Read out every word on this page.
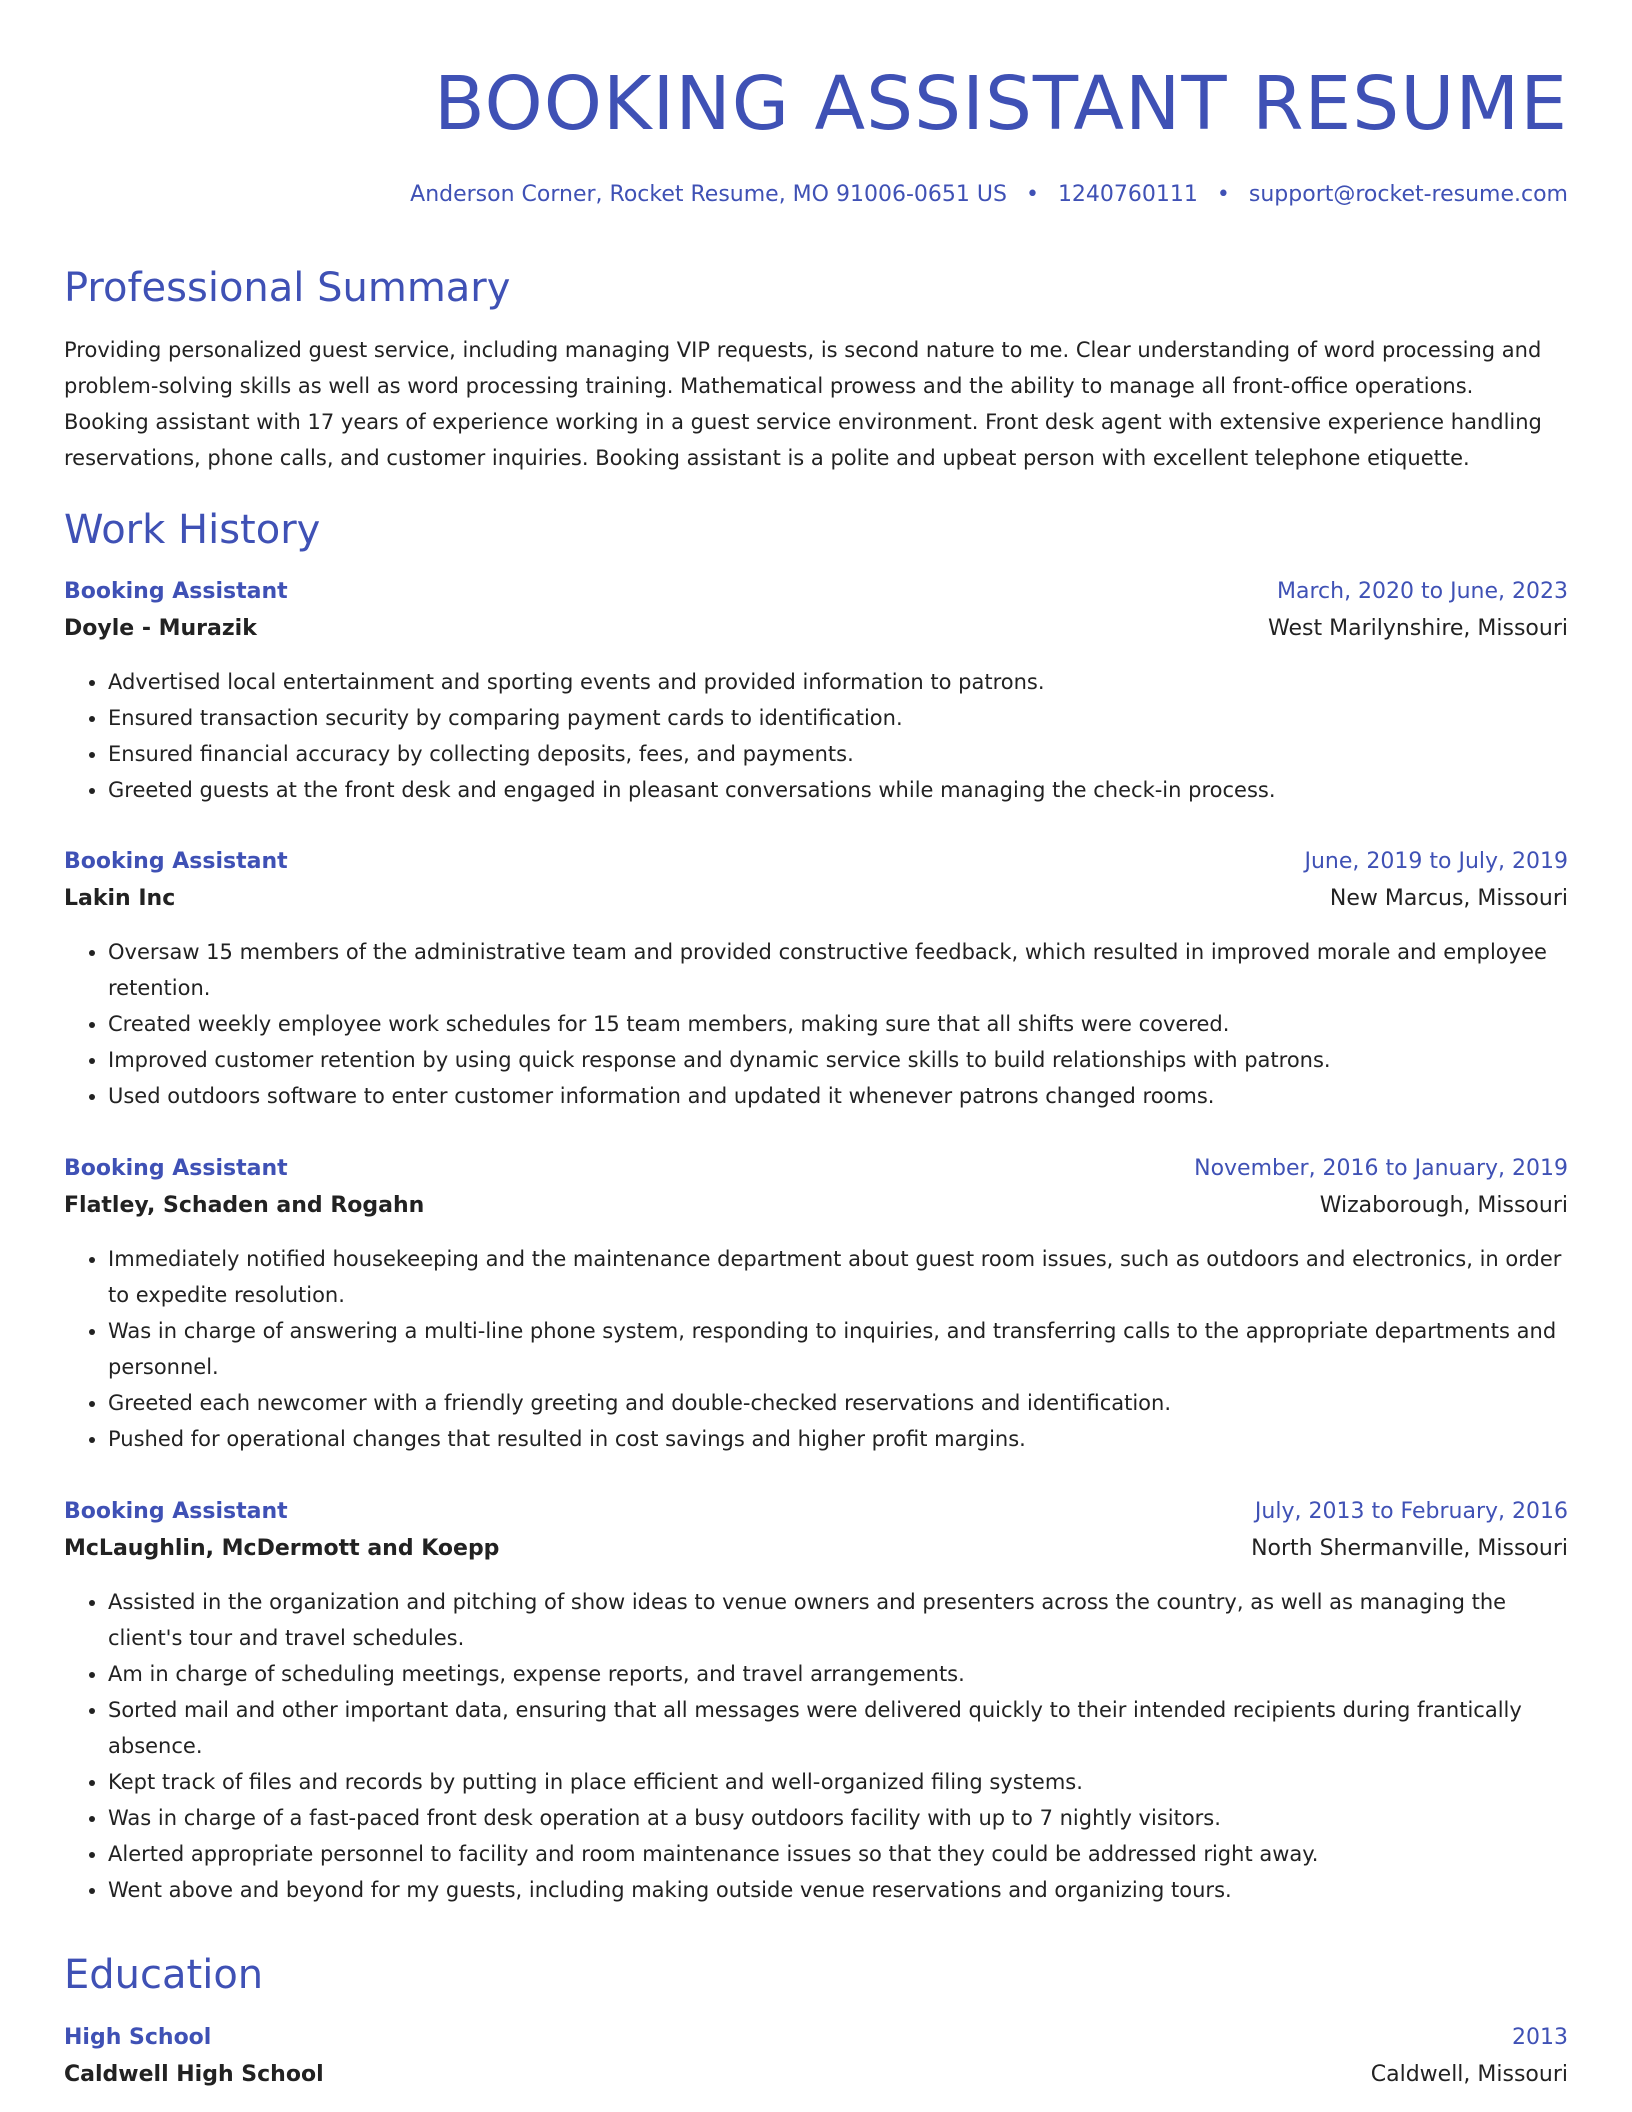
BOOKING ASSISTANT RESUME
Anderson Corner, Rocket Resume, MO 91006-0651 US • 1240760111 • support@rocket-resume.com
Professional Summary
Providing personalized guest service, including managing VIP requests, is second nature to me. Clear understanding of word processing and problem-solving skills as well as word processing training. Mathematical prowess and the ability to manage all front-office operations. Booking assistant with 17 years of experience working in a guest service environment. Front desk agent with extensive experience handling reservations, phone calls, and customer inquiries. Booking assistant is a polite and upbeat person with excellent telephone etiquette.
Work History
Booking Assistant	March, 2020 to June, 2023
Doyle - Murazik	West Marilynshire, Missouri
• Advertised local entertainment and sporting events and provided information to patrons.
• Ensured transaction security by comparing payment cards to identification.
• Ensured financial accuracy by collecting deposits, fees, and payments.
• Greeted guests at the front desk and engaged in pleasant conversations while managing the check-in process.
Booking Assistant	June, 2019 to July, 2019
Lakin Inc	New Marcus, Missouri
• Oversaw 15 members of the administrative team and provided constructive feedback, which resulted in improved morale and employee retention.
• Created weekly employee work schedules for 15 team members, making sure that all shifts were covered.
• Improved customer retention by using quick response and dynamic service skills to build relationships with patrons.
• Used outdoors software to enter customer information and updated it whenever patrons changed rooms.
Booking Assistant	November, 2016 to January, 2019
Flatley, Schaden and Rogahn	Wizaborough, Missouri
• Immediately notified housekeeping and the maintenance department about guest room issues, such as outdoors and electronics, in order to expedite resolution.
• Was in charge of answering a multi-line phone system, responding to inquiries, and transferring calls to the appropriate departments and personnel.
• Greeted each newcomer with a friendly greeting and double-checked reservations and identification.
• Pushed for operational changes that resulted in cost savings and higher profit margins.
Booking Assistant	July, 2013 to February, 2016
McLaughlin, McDermott and Koepp	North Shermanville, Missouri
• Assisted in the organization and pitching of show ideas to venue owners and presenters across the country, as well as managing the client's tour and travel schedules.
• Am in charge of scheduling meetings, expense reports, and travel arrangements.
• Sorted mail and other important data, ensuring that all messages were delivered quickly to their intended recipients during frantically absence.
• Kept track of files and records by putting in place efficient and well-organized filing systems.
• Was in charge of a fast-paced front desk operation at a busy outdoors facility with up to 7 nightly visitors.
• Alerted appropriate personnel to facility and room maintenance issues so that they could be addressed right away.
• Went above and beyond for my guests, including making outside venue reservations and organizing tours.
Education
High School	2013
Caldwell High School	Caldwell, Missouri
